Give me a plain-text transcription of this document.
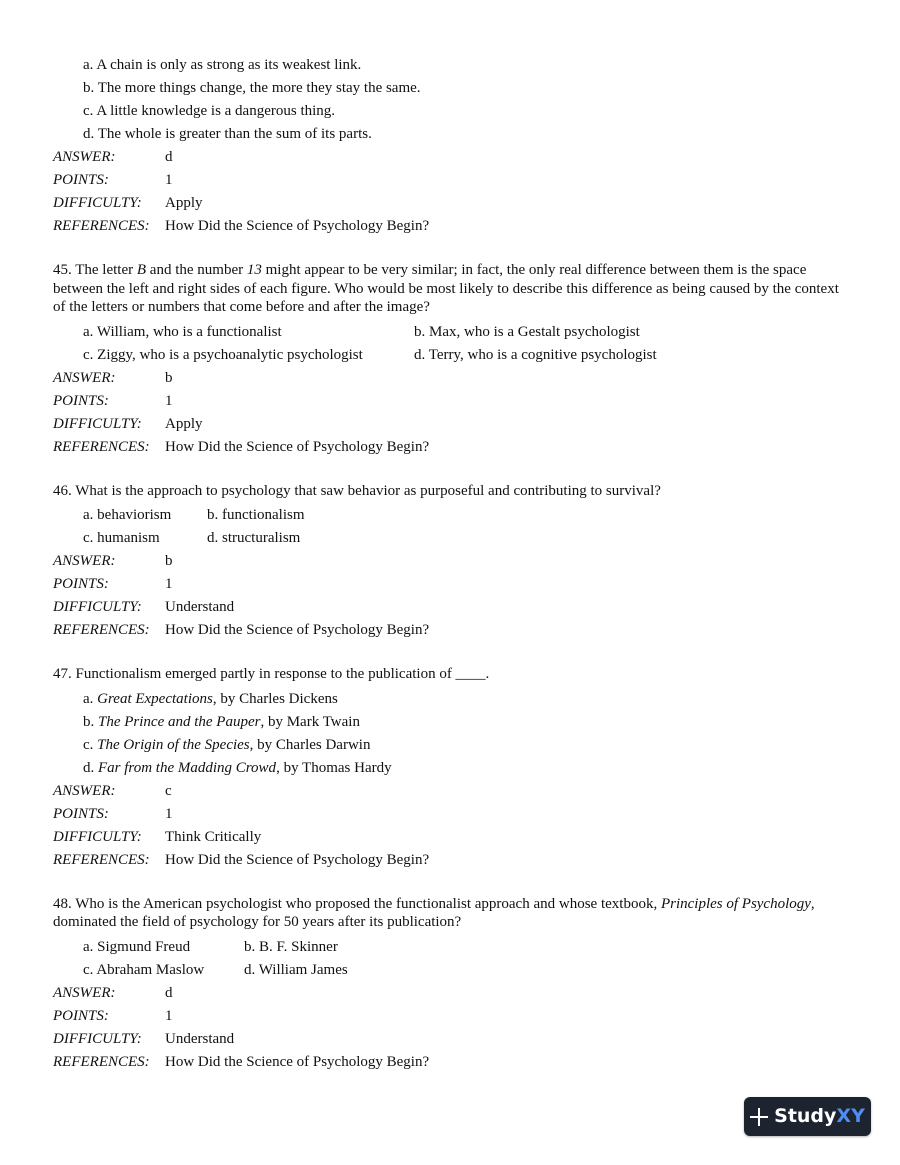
a. A chain is only as strong as its weakest link.
b. The more things change, the more they stay the same.
c. A little knowledge is a dangerous thing.
d. The whole is greater than the sum of its parts.
ANSWER:	d
POINTS:	1
DIFFICULTY:	Apply
REFERENCES:	How Did the Science of Psychology Begin?
45. The letter B and the number 13 might appear to be very similar; in fact, the only real difference between them is the space between the left and right sides of each figure. Who would be most likely to describe this difference as being caused by the context of the letters or numbers that come before and after the image?
a. William, who is a functionalist	b. Max, who is a Gestalt psychologist
c. Ziggy, who is a psychoanalytic psychologist	d. Terry, who is a cognitive psychologist
ANSWER:	b
POINTS:	1
DIFFICULTY:	Apply
REFERENCES:	How Did the Science of Psychology Begin?
46. What is the approach to psychology that saw behavior as purposeful and contributing to survival?
a. behaviorism	b. functionalism
c. humanism	d. structuralism
ANSWER:	b
POINTS:	1
DIFFICULTY:	Understand
REFERENCES:	How Did the Science of Psychology Begin?
47. Functionalism emerged partly in response to the publication of ____.
a. Great Expectations, by Charles Dickens
b. The Prince and the Pauper, by Mark Twain
c. The Origin of the Species, by Charles Darwin
d. Far from the Madding Crowd, by Thomas Hardy
ANSWER:	c
POINTS:	1
DIFFICULTY:	Think Critically
REFERENCES:	How Did the Science of Psychology Begin?
48. Who is the American psychologist who proposed the functionalist approach and whose textbook, Principles of Psychology, dominated the field of psychology for 50 years after its publication?
a. Sigmund Freud	b. B. F. Skinner
c. Abraham Maslow	d. William James
ANSWER:	d
POINTS:	1
DIFFICULTY:	Understand
REFERENCES:	How Did the Science of Psychology Begin?
Study XY
